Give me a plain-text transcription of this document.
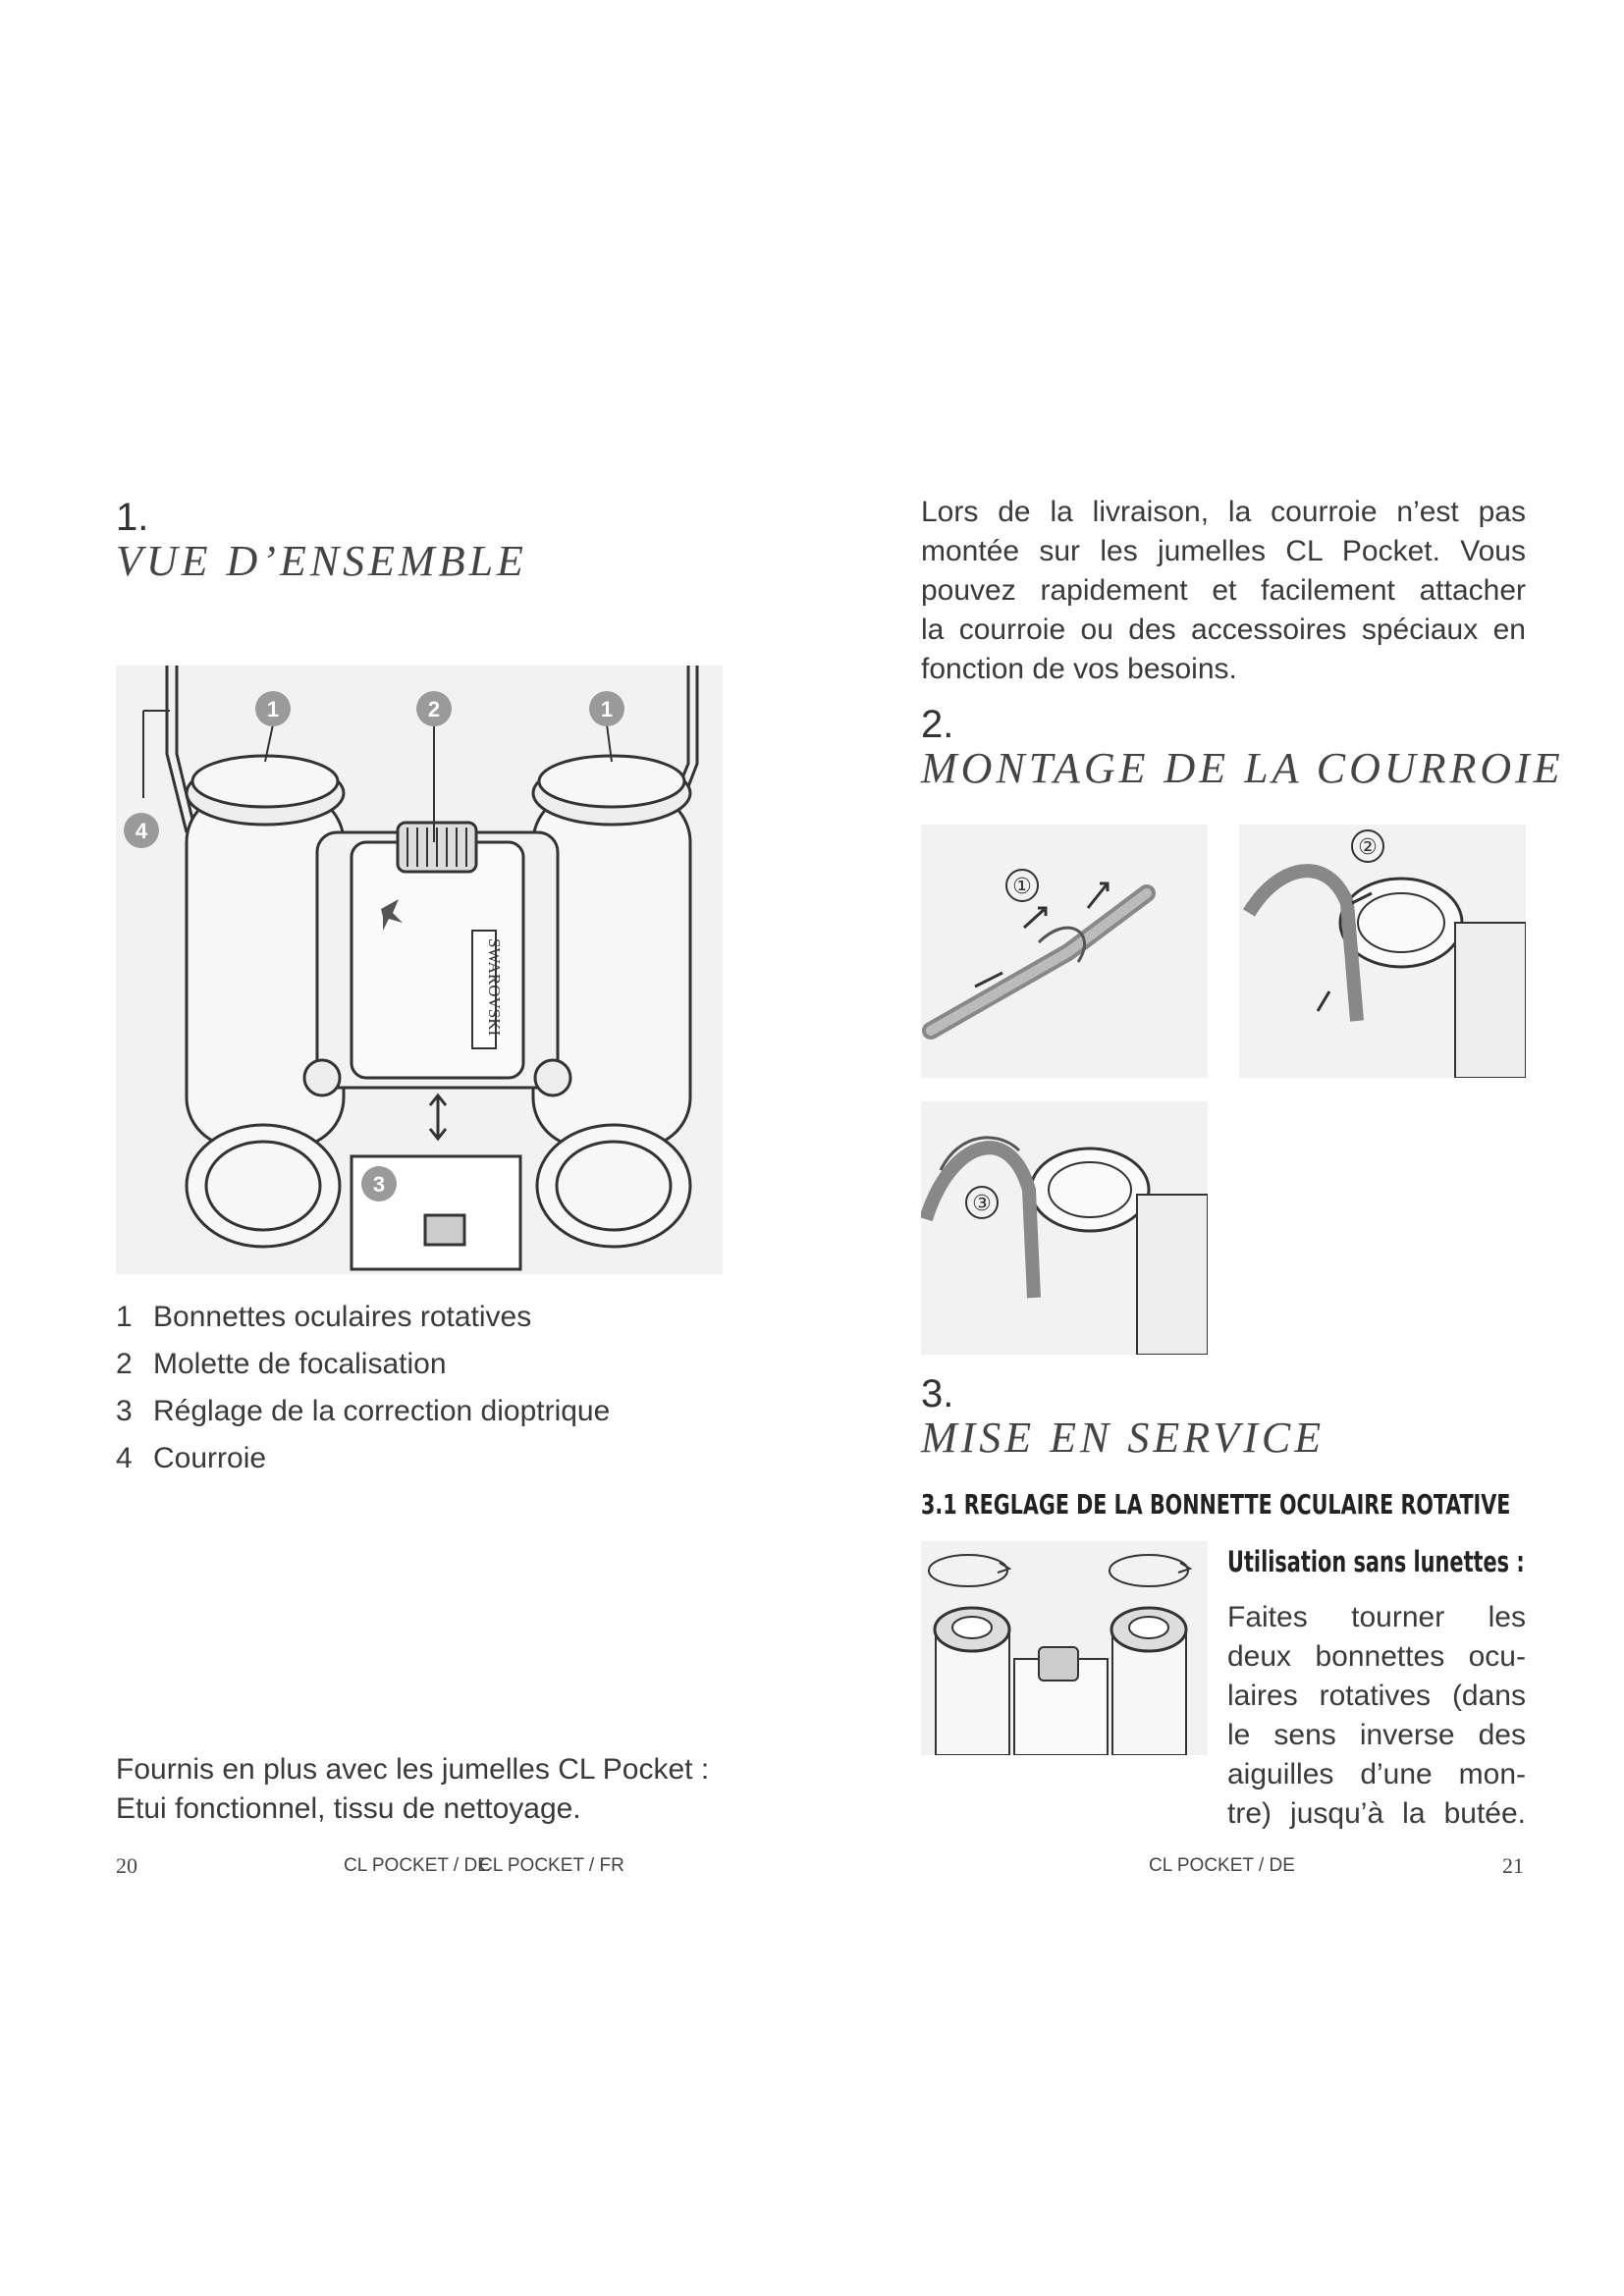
1.
VUE D’ENSEMBLE
SWAROVSKI
1	2	1
4
3
1 Bonnettes oculaires rotatives
2 Molette de focalisation
3 Réglage de la correction dioptrique
4 Courroie
Fournis en plus avec les jumelles CL Pocket :
Etui fonctionnel, tissu de nettoyage.
20	CL POCKET / DE
CL POCKET / FR
Lors de la livraison, la courroie n’est pas
montée sur les jumelles CL Pocket. Vous
pouvez rapidement et facilement attacher
la courroie ou des accessoires spéciaux en
fonction de vos besoins.
2.
MONTAGE DE LA COURROIE
①
②
③
3.
MISE EN SERVICE
3.1 REGLAGE DE LA BONNETTE OCULAIRE ROTATIVE
Utilisation sans lunettes :
Faites tourner les
deux bonnettes ocu-
laires rotatives (dans
le sens inverse des
aiguilles d’une mon-
tre) jusqu’à la butée.
CL POCKET / DE	21
